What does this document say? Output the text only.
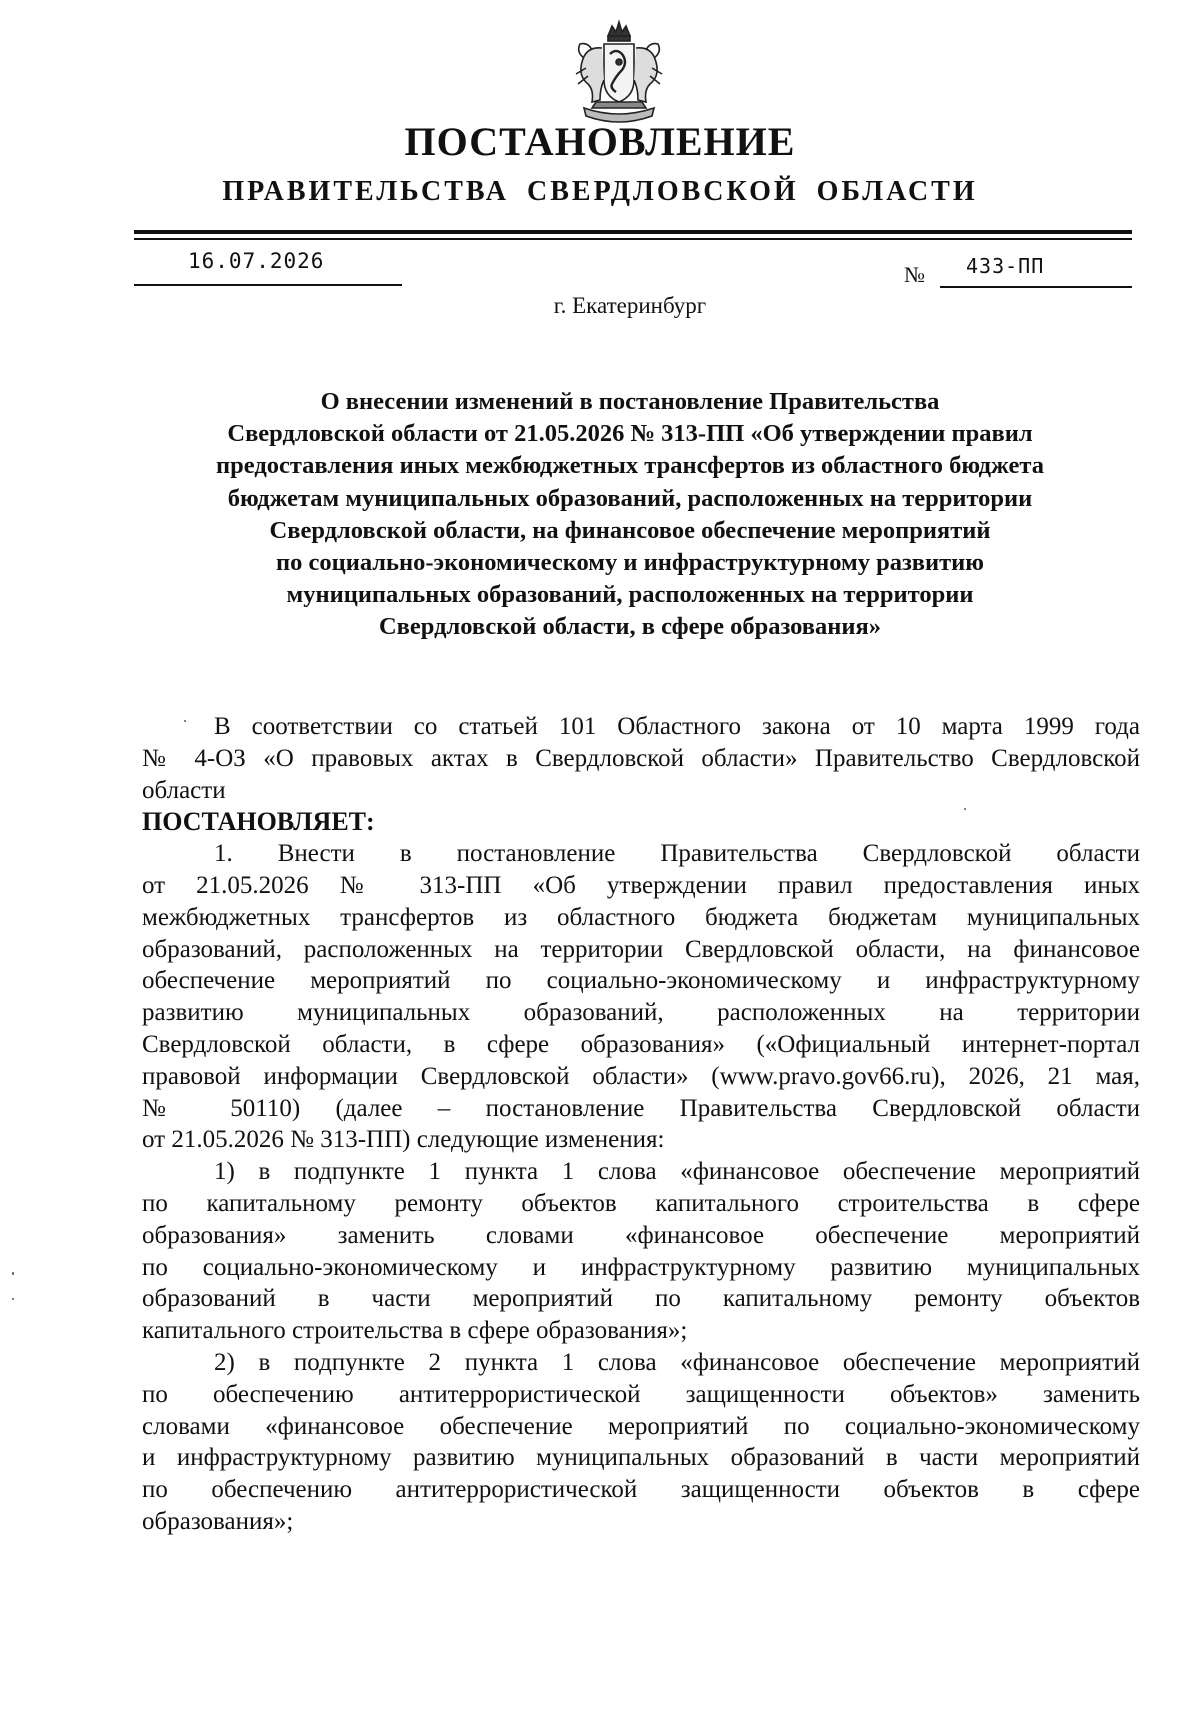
ПОСТАНОВЛЕНИЕ
ПРАВИТЕЛЬСТВА СВЕРДЛОВСКОЙ ОБЛАСТИ
16.07.2026
№ 433-ПП
г. Екатеринбург
О внесении изменений в постановление Правительства
Свердловской области от 21.05.2026 № 313-ПП «Об утверждении правил
предоставления иных межбюджетных трансфертов из областного бюджета
бюджетам муниципальных образований, расположенных на территории
Свердловской области, на финансовое обеспечение мероприятий
по социально-экономическому и инфраструктурному развитию
муниципальных образований, расположенных на территории
Свердловской области, в сфере образования»
В соответствии со статьей 101 Областного закона от 10 марта 1999 года
№ 4-ОЗ «О правовых актах в Свердловской области» Правительство Свердловской
области
ПОСТАНОВЛЯЕТ:
1. Внести в постановление Правительства Свердловской области
от 21.05.2026 № 313-ПП «Об утверждении правил предоставления иных
межбюджетных трансфертов из областного бюджета бюджетам муниципальных
образований, расположенных на территории Свердловской области, на финансовое
обеспечение мероприятий по социально-экономическому и инфраструктурному
развитию муниципальных образований, расположенных на территории
Свердловской области, в сфере образования» («Официальный интернет-портал
правовой информации Свердловской области» (www.pravo.gov66.ru), 2026, 21 мая,
№ 50110) (далее – постановление Правительства Свердловской области
от 21.05.2026 № 313-ПП) следующие изменения:
1) в подпункте 1 пункта 1 слова «финансовое обеспечение мероприятий
по капитальному ремонту объектов капитального строительства в сфере
образования» заменить словами «финансовое обеспечение мероприятий
по социально-экономическому и инфраструктурному развитию муниципальных
образований в части мероприятий по капитальному ремонту объектов
капитального строительства в сфере образования»;
2) в подпункте 2 пункта 1 слова «финансовое обеспечение мероприятий
по обеспечению антитеррористической защищенности объектов» заменить
словами «финансовое обеспечение мероприятий по социально-экономическому
и инфраструктурному развитию муниципальных образований в части мероприятий
по обеспечению антитеррористической защищенности объектов в сфере
образования»;
